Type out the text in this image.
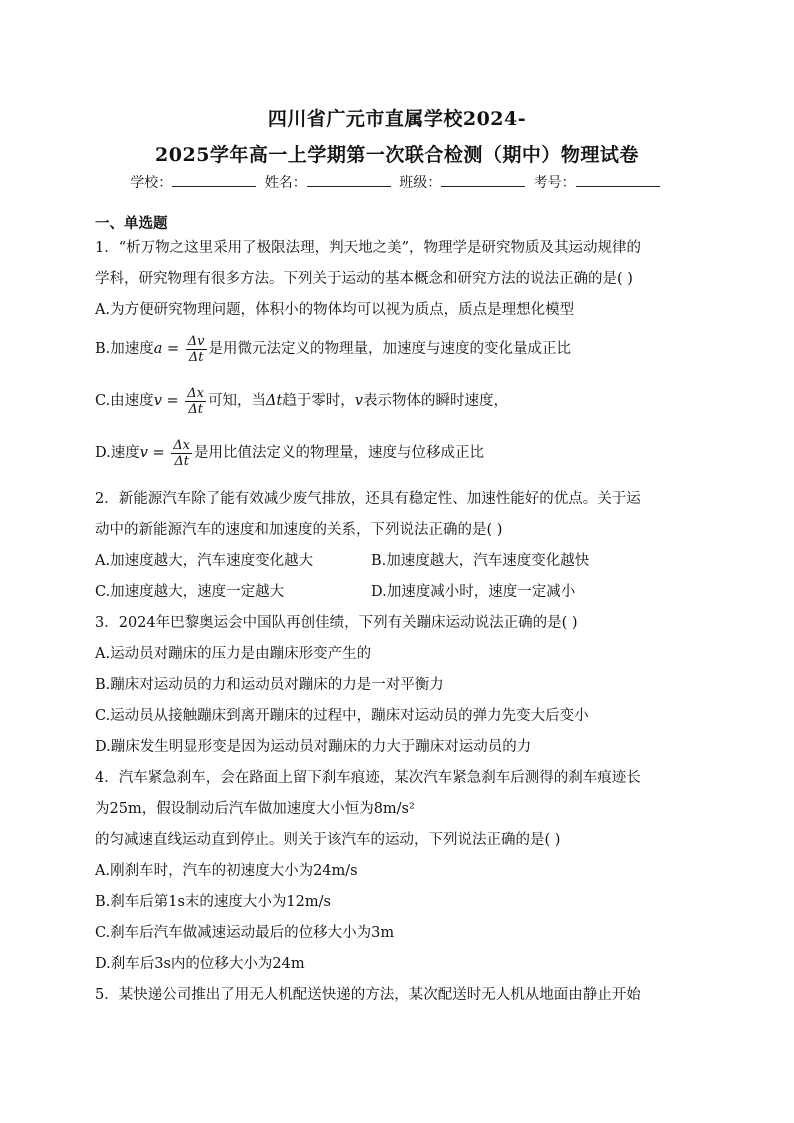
四川省广元市直属学校2024-
2025学年高一上学期第一次联合检测（期中）物理试卷
学校：	姓名：	班级：	考号：
一、单选题
1．“析万物之这里采用了极限法理，判天地之美”，物理学是研究物质及其运动规律的
学科，研究物理有很多方法。下列关于运动的基本概念和研究方法的说法正确的是( )
A.为方便研究物理问题，体积小的物体均可以视为质点，质点是理想化模型
B.加速度$a = \frac{\Delta v}{\Delta t}$ 是用微元法定义的物理量，加速度与速度的变化量成正比
C.由速度$v = \frac{\Delta x}{\Delta t}$ 可知，当Δt趋于零时，v表示物体的瞬时速度，
D.速度$v = \frac{\Delta x}{\Delta t}$ 是用比值法定义的物理量，速度与位移成正比
2．新能源汽车除了能有效减少废气排放，还具有稳定性、加速性能好的优点。关于运
动中的新能源汽车的速度和加速度的关系，下列说法正确的是( )
A.加速度越大，汽车速度变化越大	B.加速度越大，汽车速度变化越快
C.加速度越大，速度一定越大	D.加速度减小时，速度一定减小
3．2024年巴黎奥运会中国队再创佳绩，下列有关蹦床运动说法正确的是( )
A.运动员对蹦床的压力是由蹦床形变产生的
B.蹦床对运动员的力和运动员对蹦床的力是一对平衡力
C.运动员从接触蹦床到离开蹦床的过程中，蹦床对运动员的弹力先变大后变小
D.蹦床发生明显形变是因为运动员对蹦床的力大于蹦床对运动员的力
4．汽车紧急刹车，会在路面上留下刹车痕迹，某次汽车紧急刹车后测得的刹车痕迹长
为25m，假设制动后汽车做加速度大小恒为8m/s²
的匀减速直线运动直到停止。则关于该汽车的运动，下列说法正确的是( )
A.刚刹车时，汽车的初速度大小为24m/s
B.刹车后第1s末的速度大小为12m/s
C.刹车后汽车做减速运动最后的位移大小为3m
D.刹车后3s内的位移大小为24m
5．某快递公司推出了用无人机配送快递的方法，某次配送时无人机从地面由静止开始
